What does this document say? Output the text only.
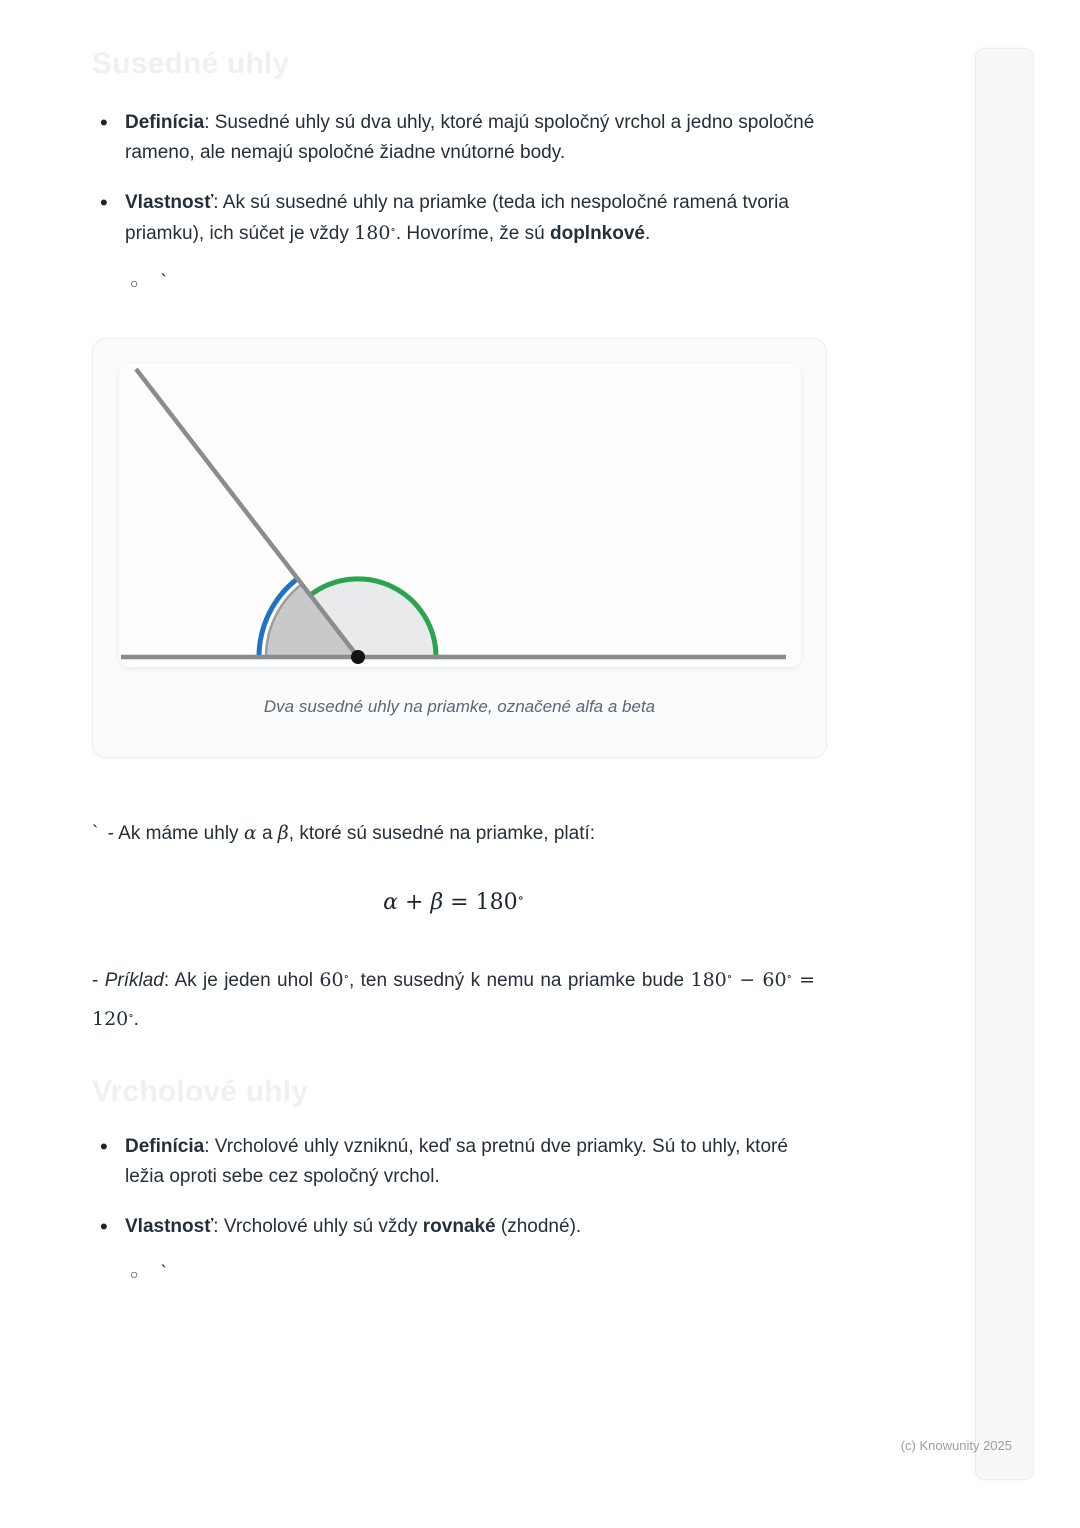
Susedné uhly
• Definícia: Susedné uhly sú dva uhly, ktoré majú spoločný vrchol a jedno spoločné rameno, ale nemajú spoločné žiadne vnútorné body.
• Vlastnosť: Ak sú susedné uhly na priamke (teda ich nespoločné ramená tvoria priamku), ich súčet je vždy 180∘. Hovoríme, že sú doplnkové.
○ `
Dva susedné uhly na priamke, označené alfa a beta

` - Ak máme uhly α a β, ktoré sú susedné na priamke, platí:

α + β = 180∘

- Príklad: Ak je jeden uhol 60∘, ten susedný k nemu na priamke bude 180∘ − 60∘ = 120∘.

Vrcholové uhly
• Definícia: Vrcholové uhly vzniknú, keď sa pretnú dve priamky. Sú to uhly, ktoré ležia oproti sebe cez spoločný vrchol.
• Vlastnosť: Vrcholové uhly sú vždy rovnaké (zhodné).
○ `
(c) Knowunity 2025
